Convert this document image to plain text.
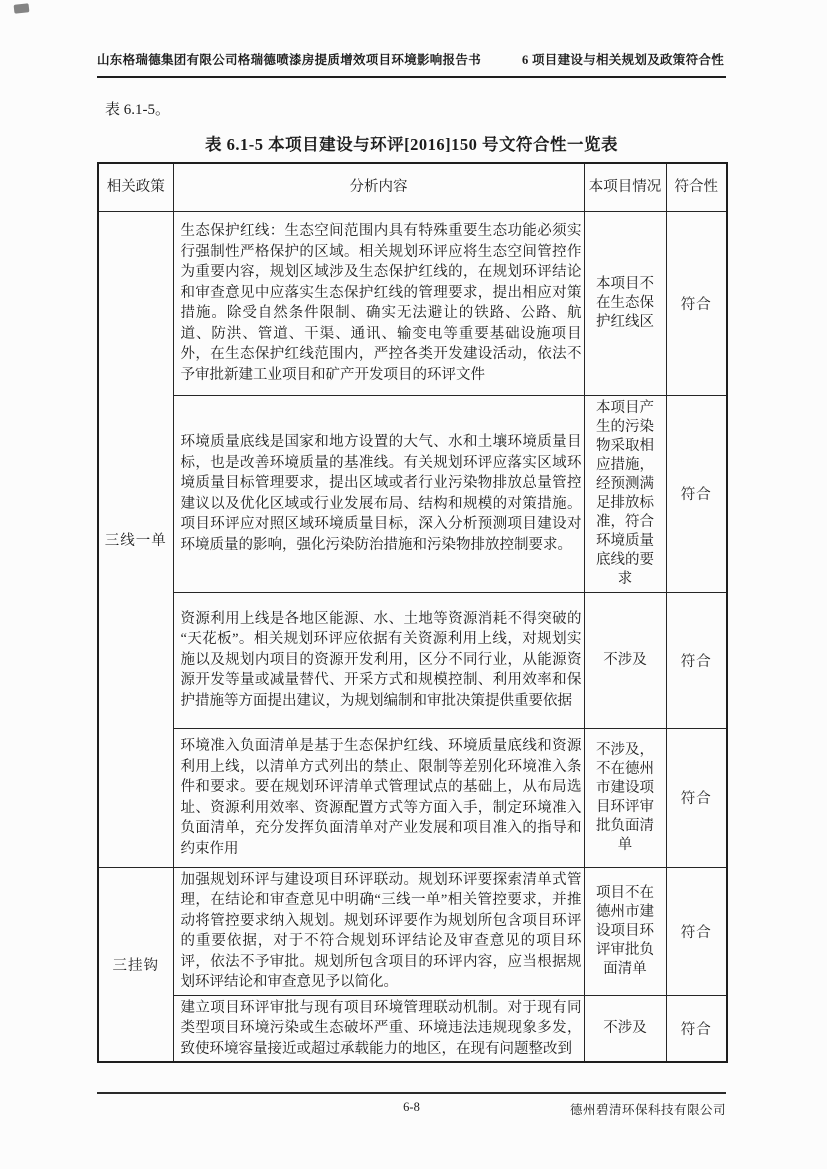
山东格瑞德集团有限公司格瑞德喷漆房提质增效项目环境影响报告书	6 项目建设与相关规划及政策符合性

表 6.1-5。

表 6.1-5 本项目建设与环评[2016]150 号文符合性一览表
相关政策	分析内容	本项目情况	符合性
三线一单	生态保护红线：生态空间范围内具有特殊重要生态功能必须实行强制性严格保护的区域。相关规划环评应将生态空间管控作为重要内容，规划区域涉及生态保护红线的，在规划环评结论和审查意见中应落实生态保护红线的管理要求，提出相应对策措施。除受自然条件限制、确实无法避让的铁路、公路、航道、防洪、管道、干渠、通讯、输变电等重要基础设施项目外，在生态保护红线范围内，严控各类开发建设活动，依法不予审批新建工业项目和矿产开发项目的环评文件	本项目不在生态保护红线区	符合
	环境质量底线是国家和地方设置的大气、水和土壤环境质量目标，也是改善环境质量的基准线。有关规划环评应落实区域环境质量目标管理要求，提出区域或者行业污染物排放总量管控建议以及优化区域或行业发展布局、结构和规模的对策措施。项目环评应对照区域环境质量目标，深入分析预测项目建设对环境质量的影响，强化污染防治措施和污染物排放控制要求。	本项目产生的污染物采取相应措施，经预测满足排放标准，符合环境质量底线的要求	符合
	资源利用上线是各地区能源、水、土地等资源消耗不得突破的“天花板”。相关规划环评应依据有关资源利用上线，对规划实施以及规划内项目的资源开发利用，区分不同行业，从能源资源开发等量或减量替代、开采方式和规模控制、利用效率和保护措施等方面提出建议，为规划编制和审批决策提供重要依据	不涉及	符合
	环境准入负面清单是基于生态保护红线、环境质量底线和资源利用上线，以清单方式列出的禁止、限制等差别化环境准入条件和要求。要在规划环评清单式管理试点的基础上，从布局选址、资源利用效率、资源配置方式等方面入手，制定环境准入负面清单，充分发挥负面清单对产业发展和项目准入的指导和约束作用	不涉及，不在德州市建设项目环评审批负面清单	符合
三挂钩	加强规划环评与建设项目环评联动。规划环评要探索清单式管理，在结论和审查意见中明确“三线一单”相关管控要求，并推动将管控要求纳入规划。规划环评要作为规划所包含项目环评的重要依据，对于不符合规划环评结论及审查意见的项目环评，依法不予审批。规划所包含项目的环评内容，应当根据规划环评结论和审查意见予以简化。	项目不在德州市建设项目环评审批负面清单	符合
	建立项目环评审批与现有项目环境管理联动机制。对于现有同类型项目环境污染或生态破坏严重、环境违法违规现象多发，致使环境容量接近或超过承载能力的地区，在现有问题整改到	不涉及	符合
6-8	德州碧清环保科技有限公司
